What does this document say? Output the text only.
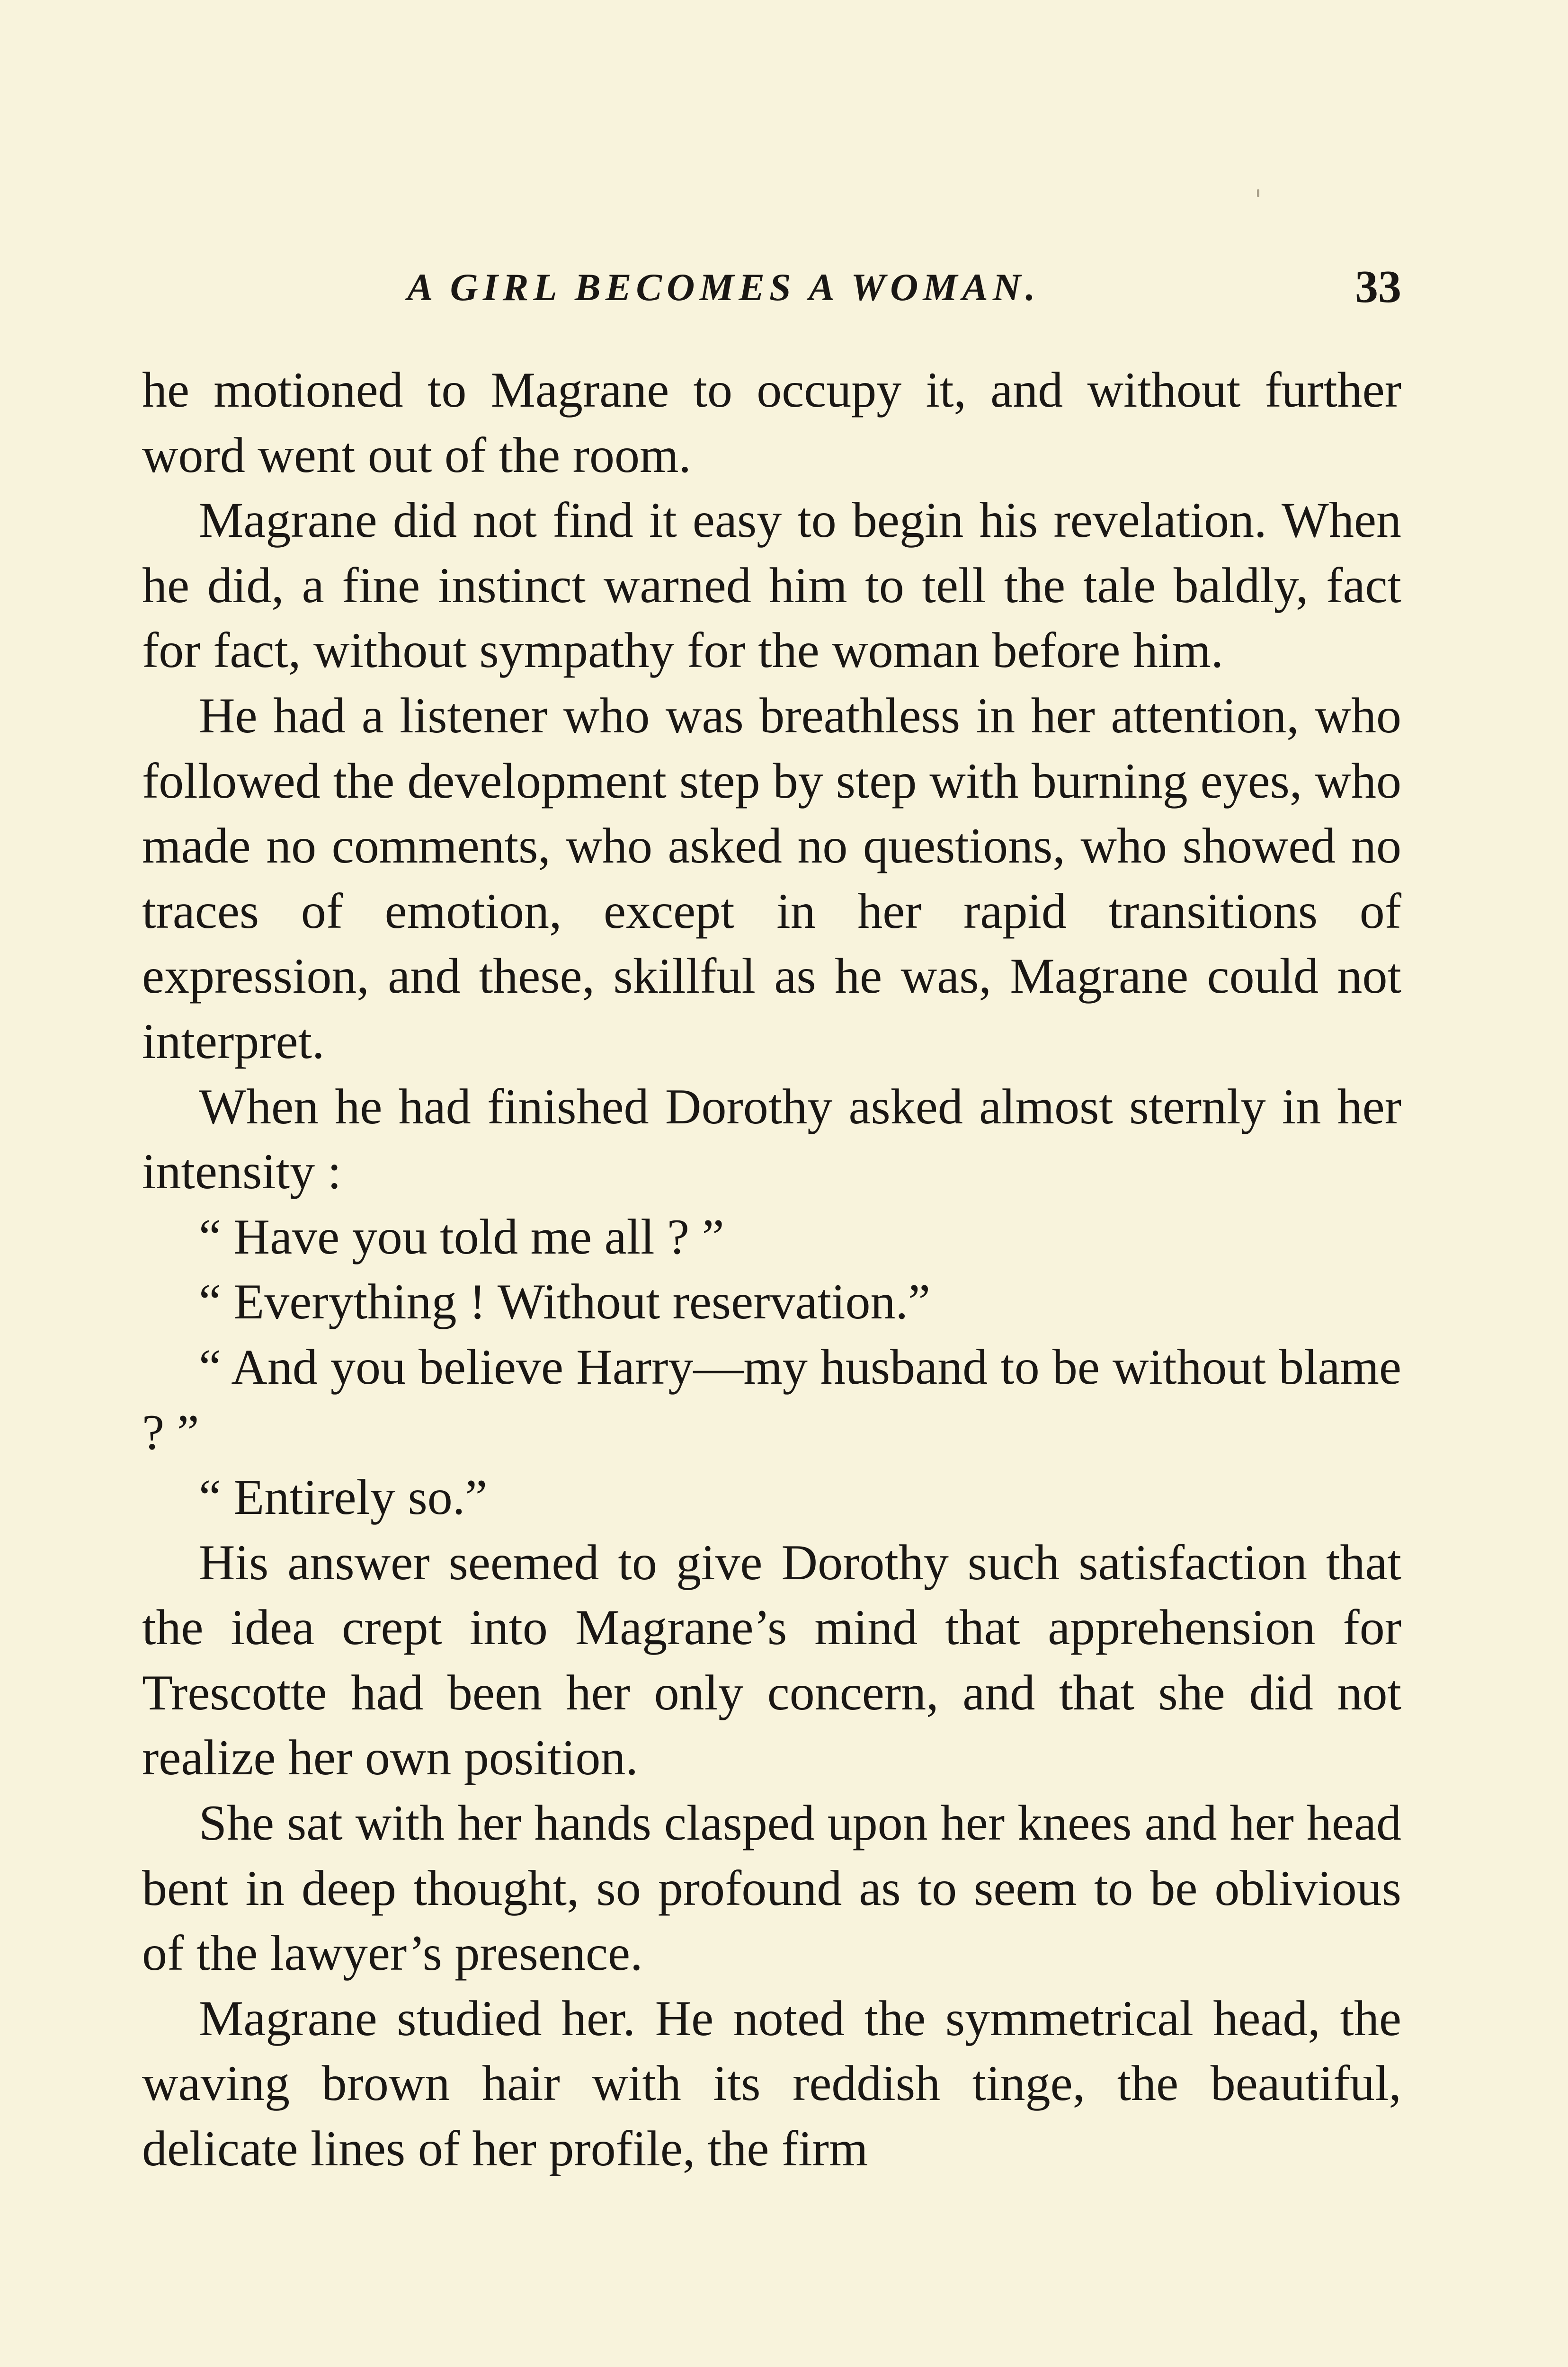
A GIRL BECOMES A WOMAN.	33

he motioned to Magrane to occupy it, and without further word went out of the room.

Magrane did not find it easy to begin his revelation. When he did, a fine instinct warned him to tell the tale baldly, fact for fact, without sympathy for the woman before him.

He had a listener who was breathless in her attention, who followed the development step by step with burning eyes, who made no comments, who asked no questions, who showed no traces of emotion, except in her rapid transitions of expression, and these, skillful as he was, Magrane could not interpret.

When he had finished Dorothy asked almost sternly in her intensity :

“ Have you told me all ? ”

“ Everything ! Without reservation.”

“ And you believe Harry—my husband to be without blame ? ”

“ Entirely so.”

His answer seemed to give Dorothy such satisfaction that the idea crept into Magrane’s mind that apprehension for Trescotte had been her only concern, and that she did not realize her own position.

She sat with her hands clasped upon her knees and her head bent in deep thought, so profound as to seem to be oblivious of the lawyer’s presence.

Magrane studied her. He noted the symmetrical head, the waving brown hair with its reddish tinge, the beautiful, delicate lines of her profile, the firm
